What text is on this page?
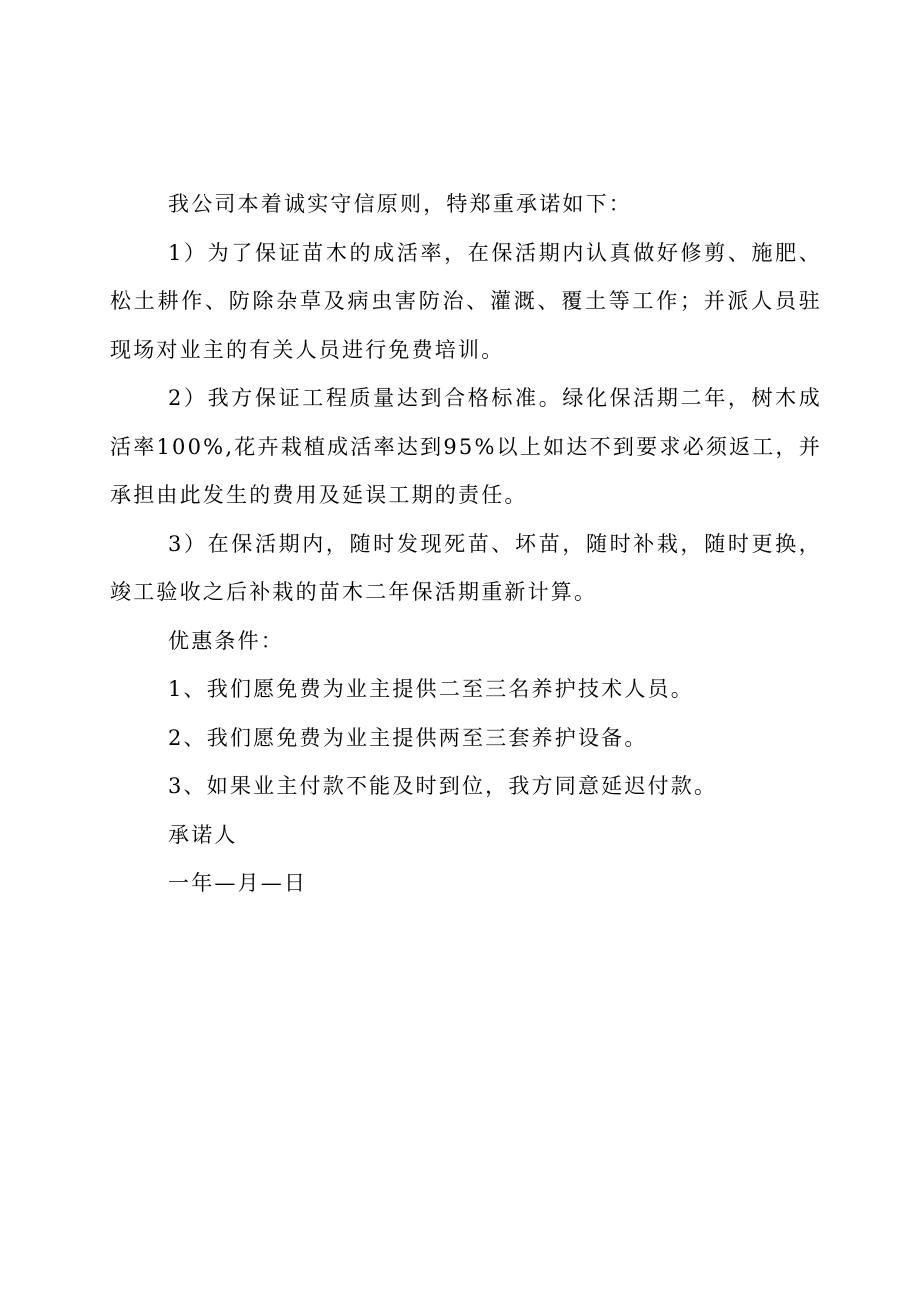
我公司本着诚实守信原则，特郑重承诺如下：

1）为了保证苗木的成活率，在保活期内认真做好修剪、施肥、松土耕作、防除杂草及病虫害防治、灌溉、覆土等工作；并派人员驻现场对业主的有关人员进行免费培训。

2）我方保证工程质量达到合格标准。绿化保活期二年，树木成活率100%,花卉栽植成活率达到95%以上如达不到要求必须返工，并承担由此发生的费用及延误工期的责任。

3）在保活期内，随时发现死苗、坏苗，随时补栽，随时更换，竣工验收之后补栽的苗木二年保活期重新计算。

优惠条件：

1、我们愿免费为业主提供二至三名养护技术人员。

2、我们愿免费为业主提供两至三套养护设备。

3、如果业主付款不能及时到位，我方同意延迟付款。

承诺人

一年—月—日
